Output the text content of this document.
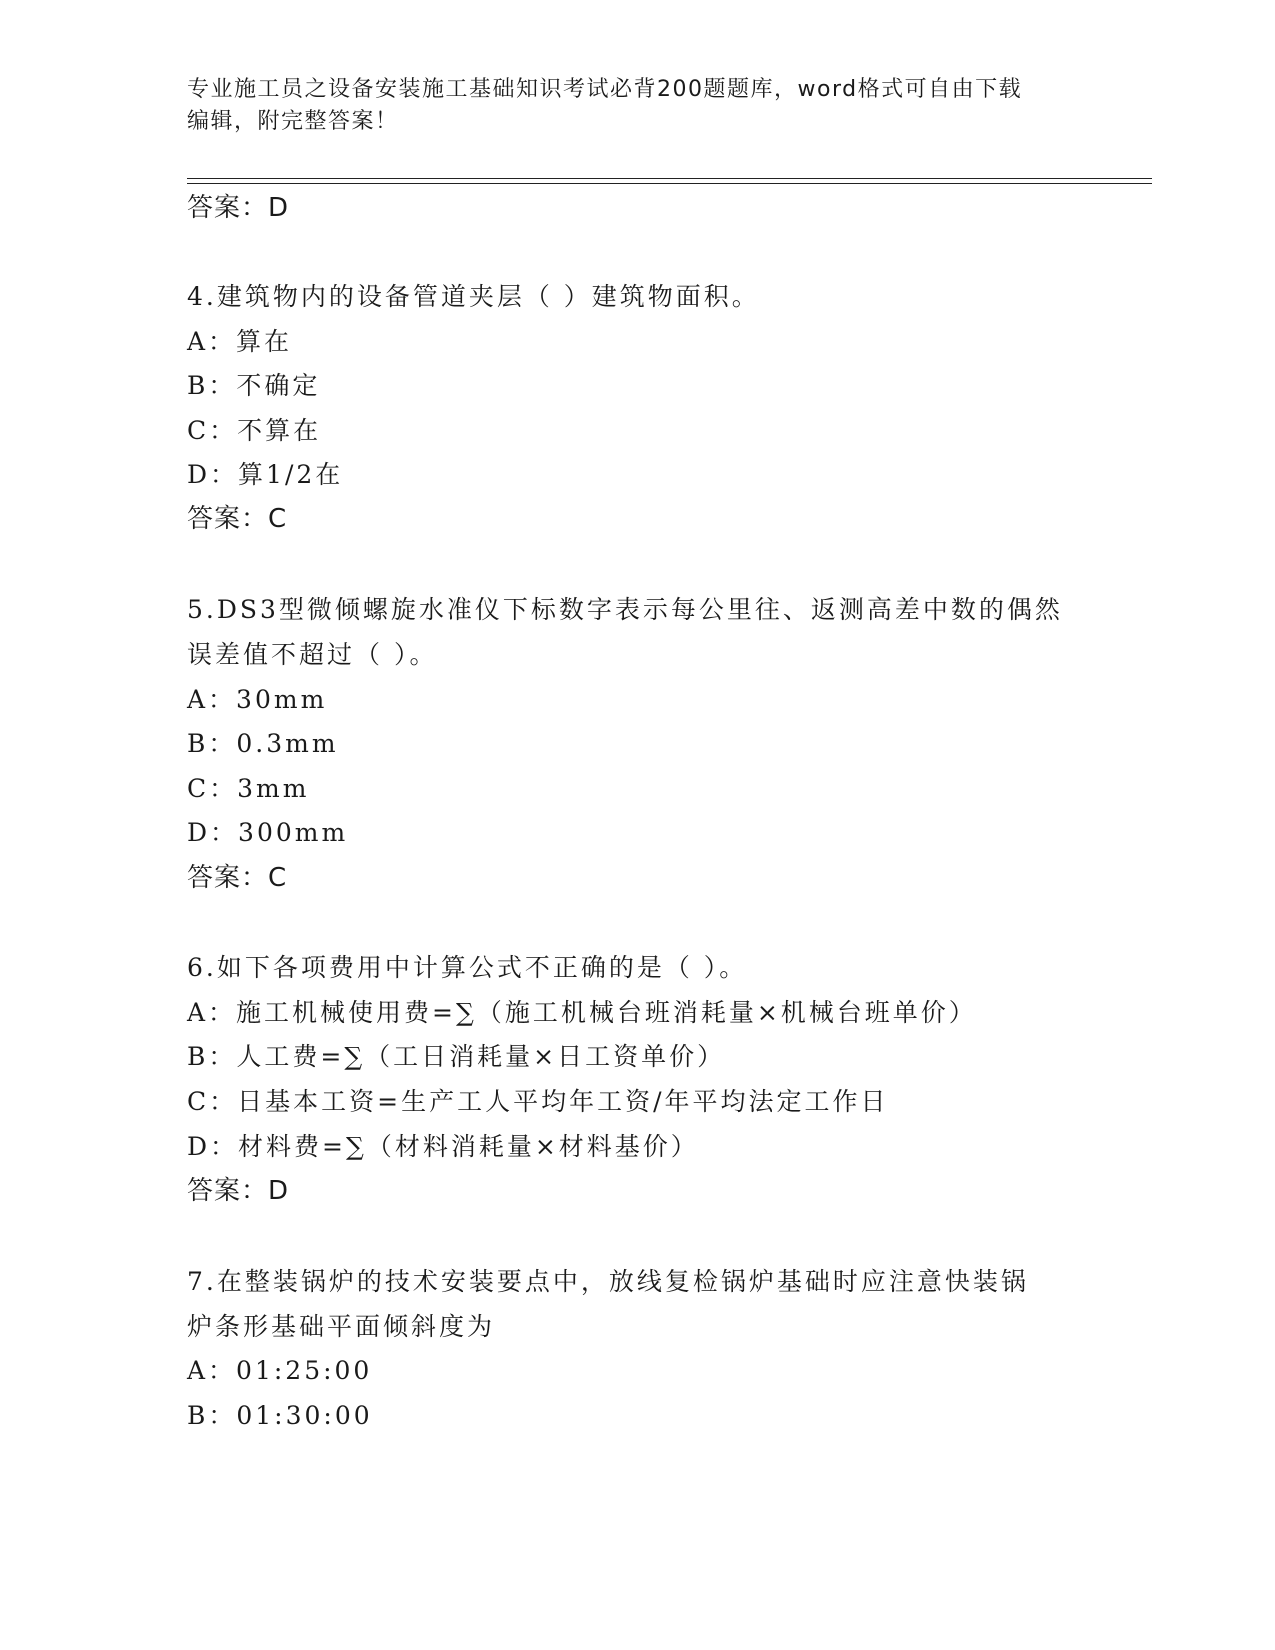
专业施工员之设备安装施工基础知识考试必背200题题库，word格式可自由下载
编辑，附完整答案！
答案：D
4.建筑物内的设备管道夹层（ ）建筑物面积。
A：算在
B：不确定
C：不算在
D：算1/2在
答案：C
5.DS3型微倾螺旋水准仪下标数字表示每公里往、返测高差中数的偶然
误差值不超过（ ）。
A：30mm
B：0.3mm
C：3mm
D：300mm
答案：C
6.如下各项费用中计算公式不正确的是（ ）。
A：施工机械使用费=∑（施工机械台班消耗量×机械台班单价）
B：人工费=∑（工日消耗量×日工资单价）
C：日基本工资=生产工人平均年工资/年平均法定工作日
D：材料费=∑（材料消耗量×材料基价）
答案：D
7.在整装锅炉的技术安装要点中，放线复检锅炉基础时应注意快装锅
炉条形基础平面倾斜度为
A：01:25:00
B：01:30:00
